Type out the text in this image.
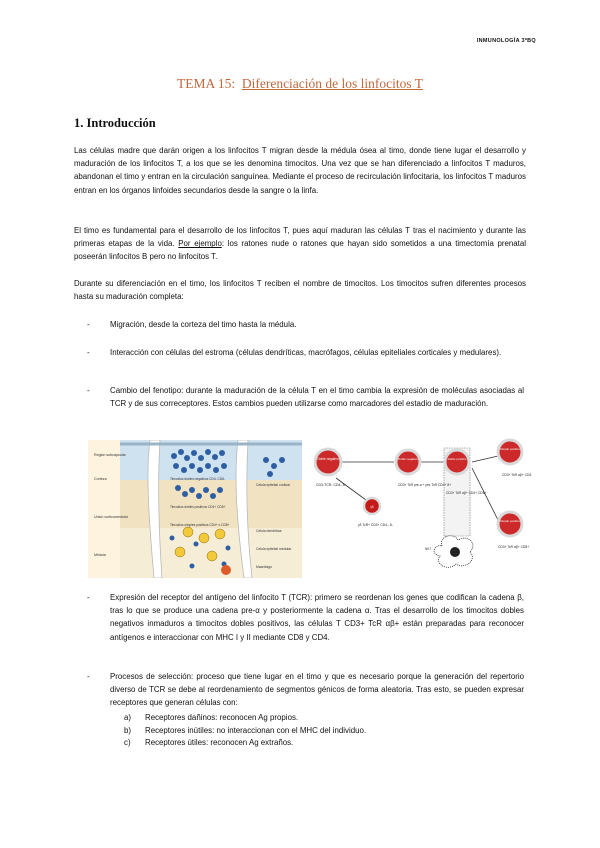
INMUNOLOGÍA 3ºBQ
TEMA 15: Diferenciación de los linfocitos T
1. Introducción

Las células madre que darán origen a los linfocitos T migran desde la médula ósea al timo, donde tiene lugar el desarrollo y maduración de los linfocitos T, a los que se les denomina timocitos. Una vez que se han diferenciado a linfocitos T maduros, abandonan el timo y entran en la circulación sanguínea. Mediante el proceso de recirculación linfocitaria, los linfocitos T maduros entran en los órganos linfoides secundarios desde la sangre o la linfa.

El timo es fundamental para el desarrollo de los linfocitos T, pues aquí maduran las células T tras el nacimiento y durante las primeras etapas de la vida. Por ejemplo: los ratones nude o ratones que hayan sido sometidos a una timectomía prenatal poseerán linfocitos B pero no linfocitos T.

Durante su diferenciación en el timo, los linfocitos T reciben el nombre de timocitos. Los timocitos sufren diferentes procesos hasta su maduración completa:

-	Migración, desde la corteza del timo hasta la médula.
-	Interacción con células del estroma (células dendríticas, macrófagos, células epiteliales corticales y medulares).
-	Cambio del fenotipo: durante la maduración de la célula T en el timo cambia la expresión de moléculas asociadas al TCR y de sus correceptores. Estos cambios pueden utilizarse como marcadores del estadio de maduración.
Región subcapsular
Corteza
Unión corticomedular
Médula
Timocitos dobles negativos CD4- CD8-
Timocitos dobles positivos CD4+ CD8+
Timocitos simples positivos CD4+ o CD8+
Célula epitelial cortical
Célula dendrítica
Célula epitelial medular
Macrófago
Doble negativo	Doble negativo
γδ
Doble positivo
Simple positivo
Simple positivo
NKT
CD3-TCR- CD4- 8-	CD3+ TcR pre-α + pre-TcR CD4+ 8+
CD3+ TcR αβ+ CD4+ CD8+
CD3+ TcR αβ+ CD4+
CD3+ TcR αβ+ CD8+
γδ TcR+ CD3+ CD4-, 8-
-	Expresión del receptor del antígeno del linfocito T (TCR): primero se reordenan los genes que codifican la cadena β, tras lo que se produce una cadena pre-α y posteriormente la cadena α. Tras el desarrollo de los timocitos dobles negativos inmaduros a timocitos dobles positivos, las células T CD3+ TcR αβ+ están preparadas para reconocer antígenos e interaccionar con MHC I y II mediante CD8 y CD4.
-	Procesos de selección: proceso que tiene lugar en el timo y que es necesario porque la generación del repertorio diverso de TCR se debe al reordenamiento de segmentos génicos de forma aleatoria. Tras esto, se pueden expresar receptores que generan células con:
a) Receptores dañinos: reconocen Ag propios.
b) Receptores inútiles: no interaccionan con el MHC del individuo.
c) Receptores útiles: reconocen Ag extraños.
